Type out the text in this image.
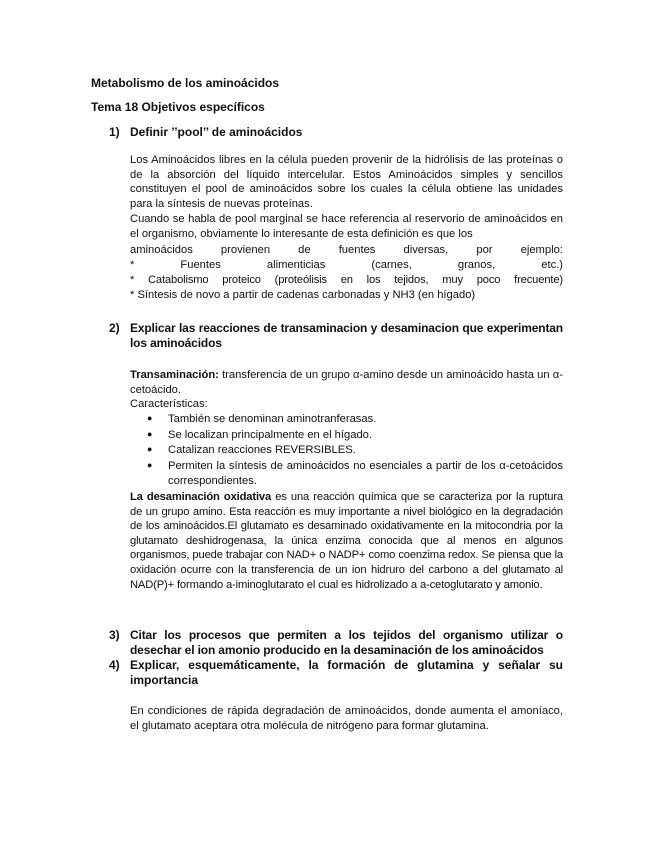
Metabolismo de los aminoácidos
Tema 18 Objetivos específicos
1) Definir ’’pool’’ de aminoácidos
Los Aminoácidos libres en la célula pueden provenir de la hidrólisis de las proteínas o de la absorción del líquido intercelular. Estos Aminoácidos simples y sencillos constituyen el pool de aminoácidos sobre los cuales la célula obtiene las unidades para la síntesis de nuevas proteínas.
Cuando se habla de pool marginal se hace referencia al reservorio de aminoácidos en el organismo, obviamente lo interesante de esta definición es que los
aminoácidos	provienen	de	fuentes	diversas,	por	ejemplo:
*	Fuentes	alimenticias	(carnes,	granos,	etc.)
* Catabolismo proteico (proteólisis en los tejidos, muy poco frecuente)
* Síntesis de novo a partir de cadenas carbonadas y NH3 (en hígado)
2) Explicar las reacciones de transaminacion y desaminacion que experimentan los aminoácidos
Transaminación: transferencia de un grupo α-amino desde un aminoácido hasta un α-cetoácido.
Características:
● También se denominan aminotranferasas.
● Se localizan principalmente en el hígado.
● Catalizan reacciones REVERSIBLES.
● Permiten la síntesis de aminoácidos no esenciales a partir de los α-cetoácidos correspondientes.
La desaminación oxidativa es una reacción química que se caracteriza por la ruptura de un grupo amino. Esta reacción es muy importante a nivel biológico en la degradación de los aminoácidos.El glutamato es desaminado oxidativamente en la mitocondria por la glutamato deshidrogenasa, la única enzima conocida que al menos en algunos organismos, puede trabajar con NAD+ o NADP+ como coenzima redox. Se piensa que la oxidación ocurre con la transferencia de un ion hidruro del carbono a del glutamato al NAD(P)+ formando a-iminoglutarato el cual es hidrolizado a a-cetoglutarato y amonio.
3) Citar los procesos que permiten a los tejidos del organismo utilizar o desechar el ion amonio producido en la desaminación de los aminoácidos
4) Explicar, esquemáticamente, la formación de glutamina y señalar su importancia
En condiciones de rápida degradación de aminoácidos, donde aumenta el amoníaco, el glutamato aceptara otra molécula de nitrógeno para formar glutamina.
